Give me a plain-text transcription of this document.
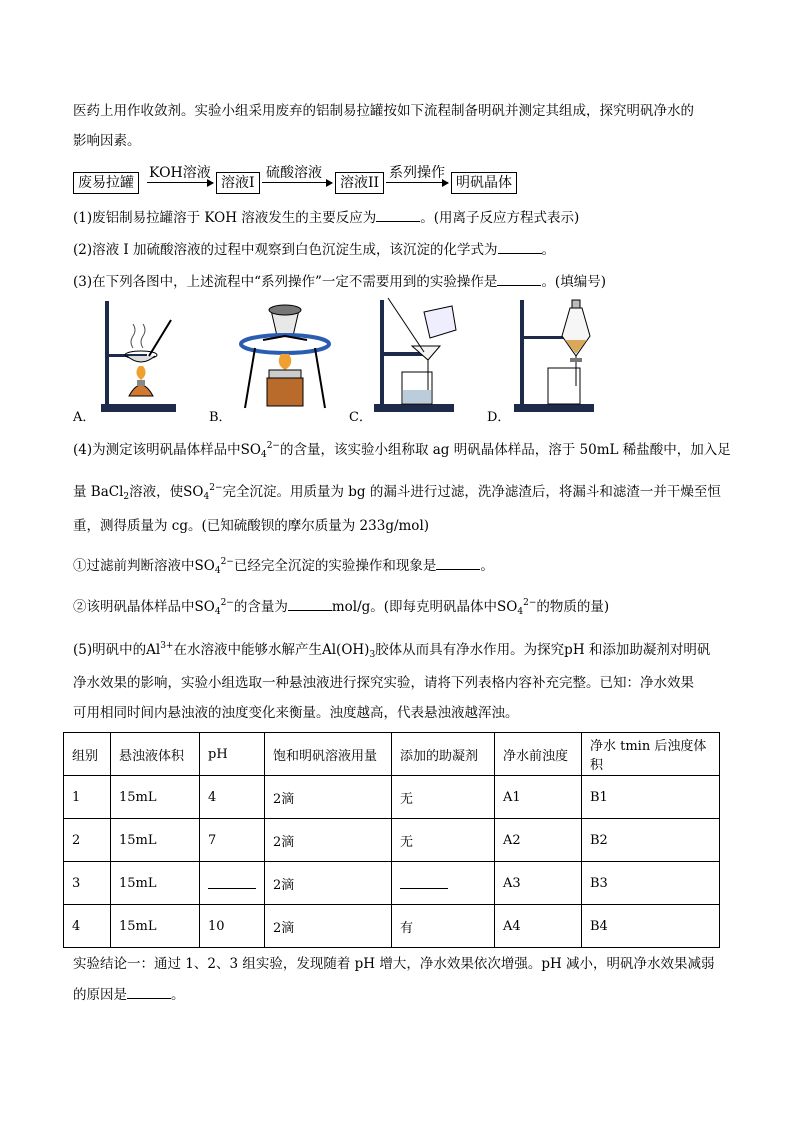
医药上用作收敛剂。实验小组采用废弃的铝制易拉罐按如下流程制备明矾并测定其组成，探究明矾净水的
影响因素。
废易拉罐
KOH溶液
溶液I
硫酸溶液
溶液II
系列操作
明矾晶体
(1)废铝制易拉罐溶于 KOH 溶液发生的主要反应为	。(用离子反应方程式表示)
(2)溶液 I 加硫酸溶液的过程中观察到白色沉淀生成，该沉淀的化学式为	。
(3)在下列各图中，上述流程中“系列操作”一定不需要用到的实验操作是	。(填编号)
A．	B．	C．	D．
(4)为测定该明矾晶体样品中$SO_4^{2-}$的含量，该实验小组称取 ag 明矾晶体样品，溶于 50mL 稀盐酸中，加入足
量 BaCl$_2$溶液，使$SO_4^{2-}$完全沉淀。用质量为 bg 的漏斗进行过滤，洗净滤渣后，将漏斗和滤渣一并干燥至恒
重，测得质量为 cg。(已知硫酸钡的摩尔质量为 233g/mol)
①过滤前判断溶液中$SO_4^{2-}$已经完全沉淀的实验操作和现象是	。
②该明矾晶体样品中$SO_4^{2-}$的含量为	mol/g。(即每克明矾晶体中$SO_4^{2-}$的物质的量)
(5)明矾中的$Al^{3+}$在水溶液中能够水解产生$Al(OH)_3$胶体从而具有净水作用。为探究pH 和添加助凝剂对明矾
净水效果的影响，实验小组选取一种悬浊液进行探究实验，请将下列表格内容补充完整。已知：净水效果
可用相同时间内悬浊液的浊度变化来衡量。浊度越高，代表悬浊液越浑浊。
组别	悬浊液体积	pH	饱和明矾溶液用量	添加的助凝剂	净水前浊度	净水 tmin 后浊度体积
1	15mL	4	2滴	无	A1	B1
2	15mL	7	2滴	无	A2	B2
3	15mL		2滴		A3	B3
4	15mL	10	2滴	有	A4	B4
实验结论一：通过 1、2、3 组实验，发现随着 pH 增大，净水效果依次增强。pH 减小，明矾净水效果减弱
的原因是	。
